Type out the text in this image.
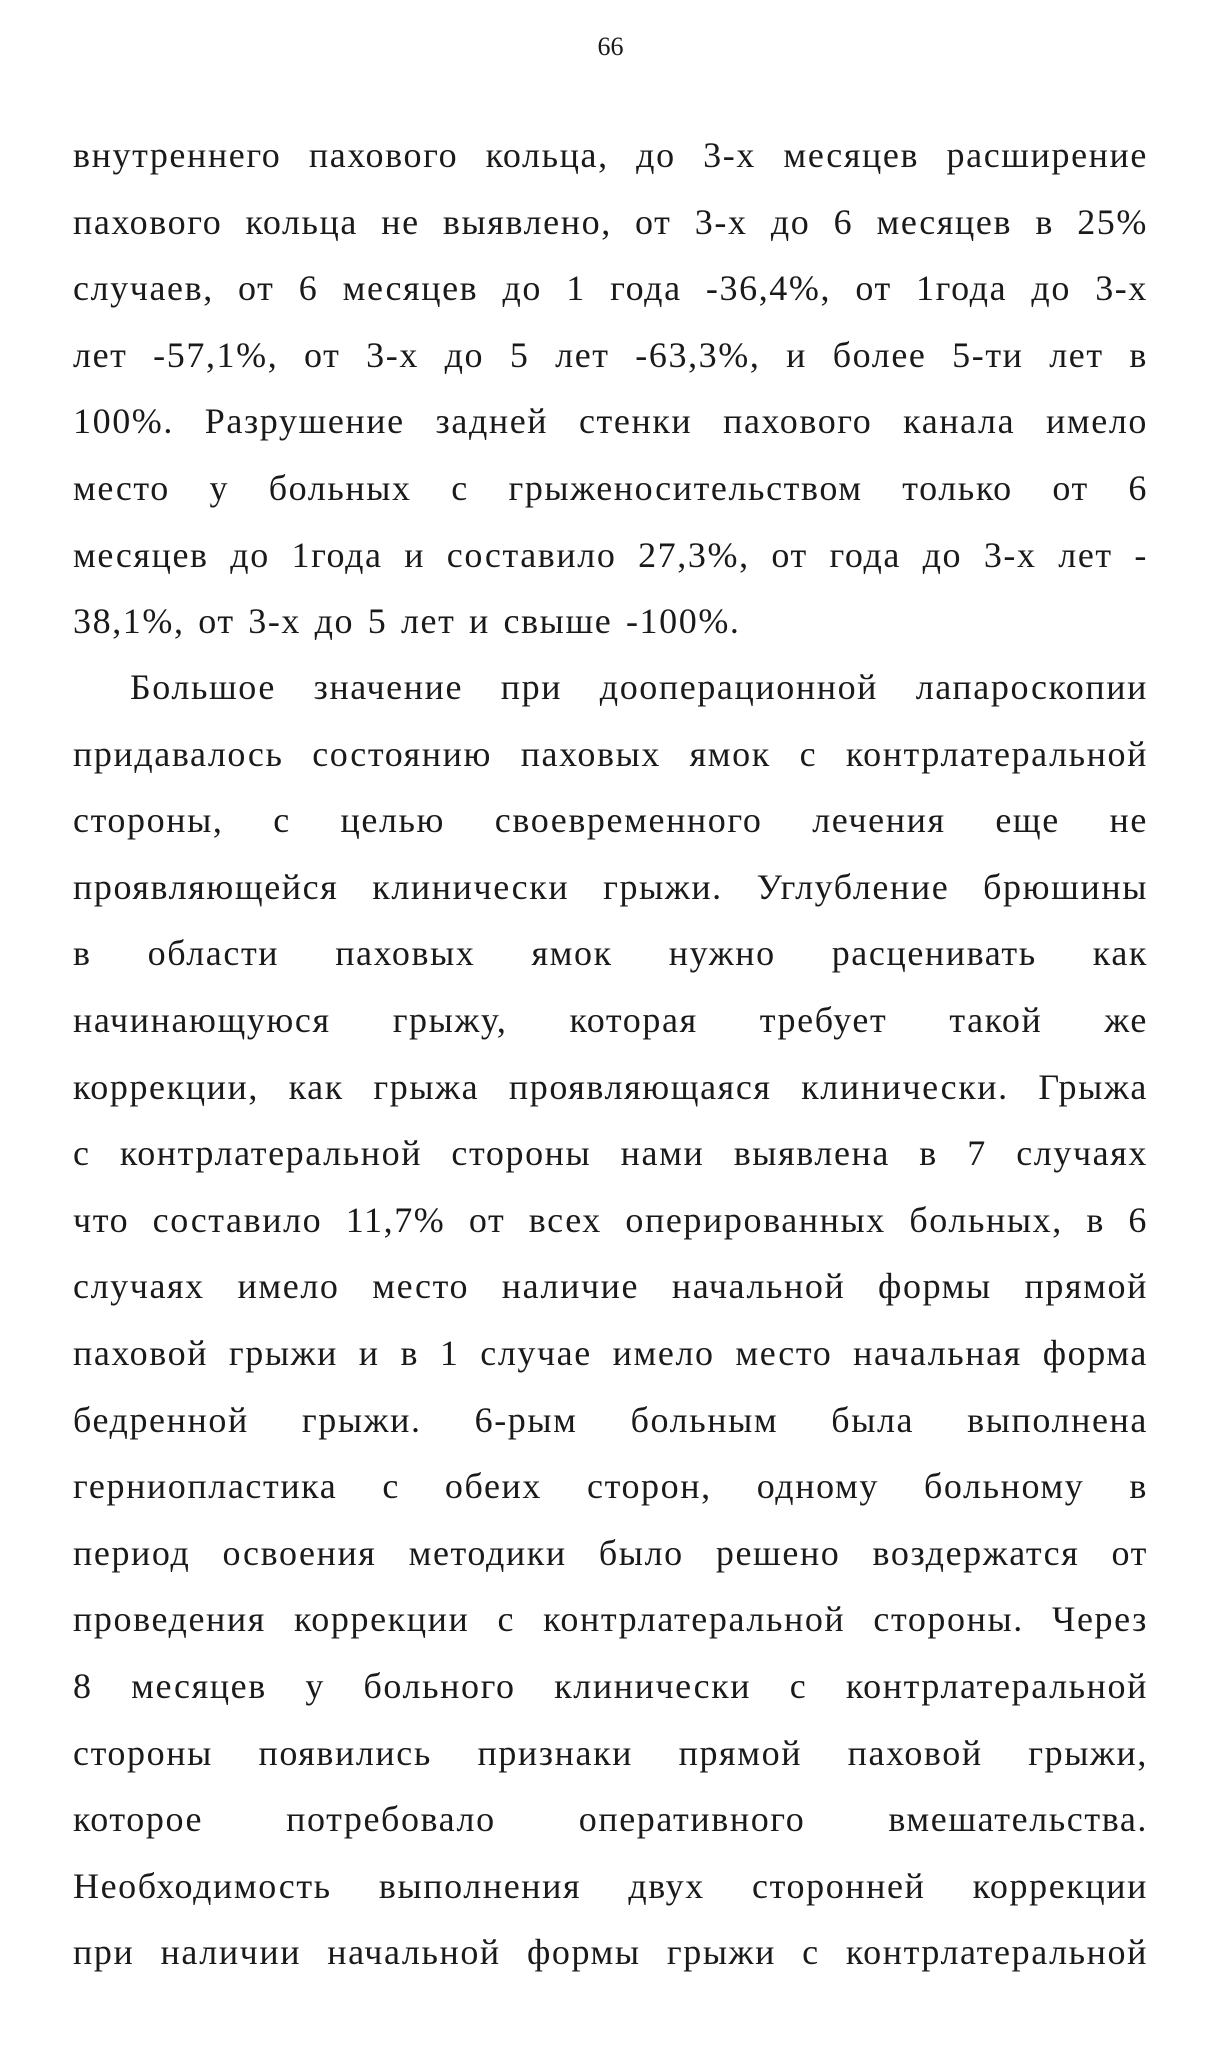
66
внутреннего пахового кольца, до 3-х месяцев расширение
пахового кольца не выявлено, от 3-х до 6 месяцев в 25%
случаев, от 6 месяцев до 1 года -36,4%, от 1года до 3-х
лет -57,1%, от 3-х до 5 лет -63,3%, и более 5-ти лет в
100%. Разрушение задней стенки пахового канала имело
место у больных с грыженосительством только от 6
месяцев до 1года и составило 27,3%, от года до 3-х лет -
38,1%, от 3-х до 5 лет и свыше -100%.
Большое значение при дооперационной лапароскопии
придавалось состоянию паховых ямок с контрлатеральной
стороны, с целью своевременного лечения еще не
проявляющейся клинически грыжи. Углубление брюшины
в области паховых ямок нужно расценивать как
начинающуюся грыжу, которая требует такой же
коррекции, как грыжа проявляющаяся клинически. Грыжа
с контрлатеральной стороны нами выявлена в 7 случаях
что составило 11,7% от всех оперированных больных, в 6
случаях имело место наличие начальной формы прямой
паховой грыжи и в 1 случае имело место начальная форма
бедренной грыжи. 6-рым больным была выполнена
герниопластика с обеих сторон, одному больному в
период освоения методики было решено воздержатся от
проведения коррекции с контрлатеральной стороны. Через
8 месяцев у больного клинически с контрлатеральной
стороны появились признаки прямой паховой грыжи,
которое потребовало оперативного вмешательства.
Необходимость выполнения двух сторонней коррекции
при наличии начальной формы грыжи с контрлатеральной
